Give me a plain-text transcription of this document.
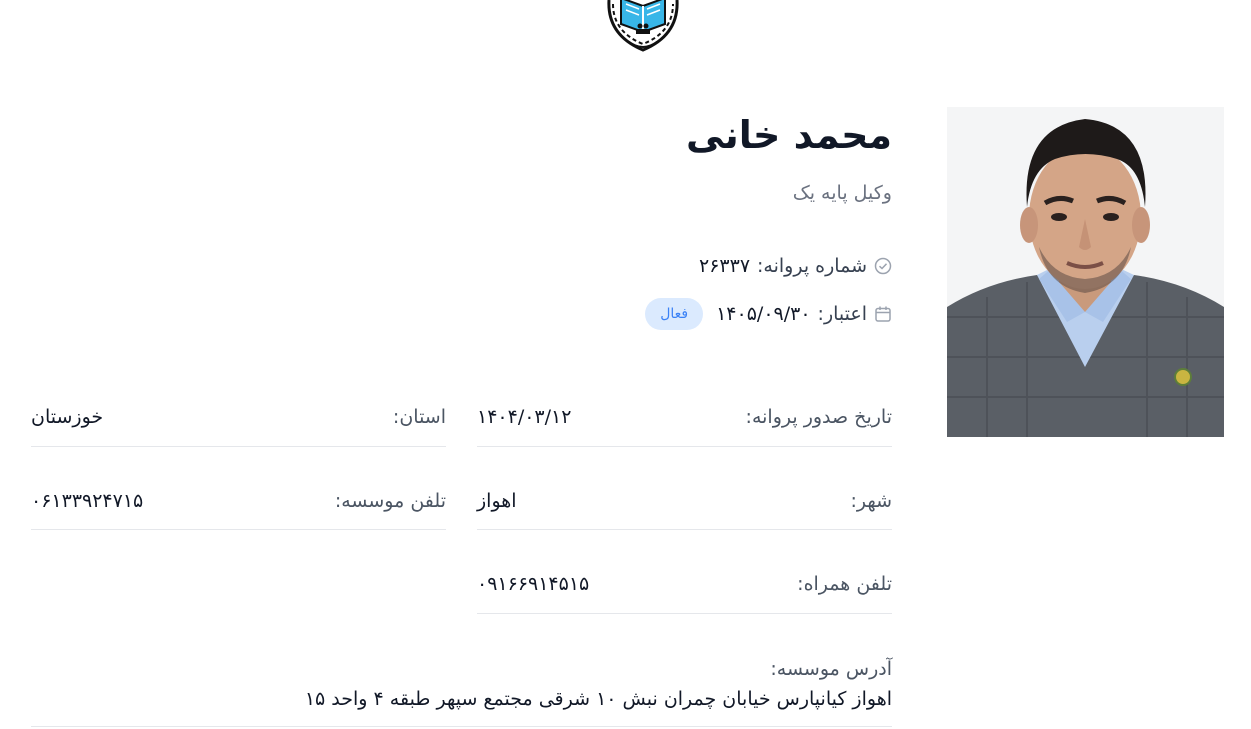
محمد خانی
وکیل پایه یک
شماره پروانه:
۲۶۳۳۷
اعتبار:
۱۴۰۵/۰۹/۳۰
فعال
تاریخ صدور پروانه:
۱۴۰۴/۰۳/۱۲
استان:
خوزستان
شهر:
اهواز
تلفن موسسه:
۰۶۱۳۳۹۲۴۷۱۵
تلفن همراه:
۰۹۱۶۶۹۱۴۵۱۵
آدرس موسسه:
اهواز کیانپارس خیابان چمران نبش ۱۰ شرقی مجتمع سپهر طبقه ۴ واحد ۱۵
